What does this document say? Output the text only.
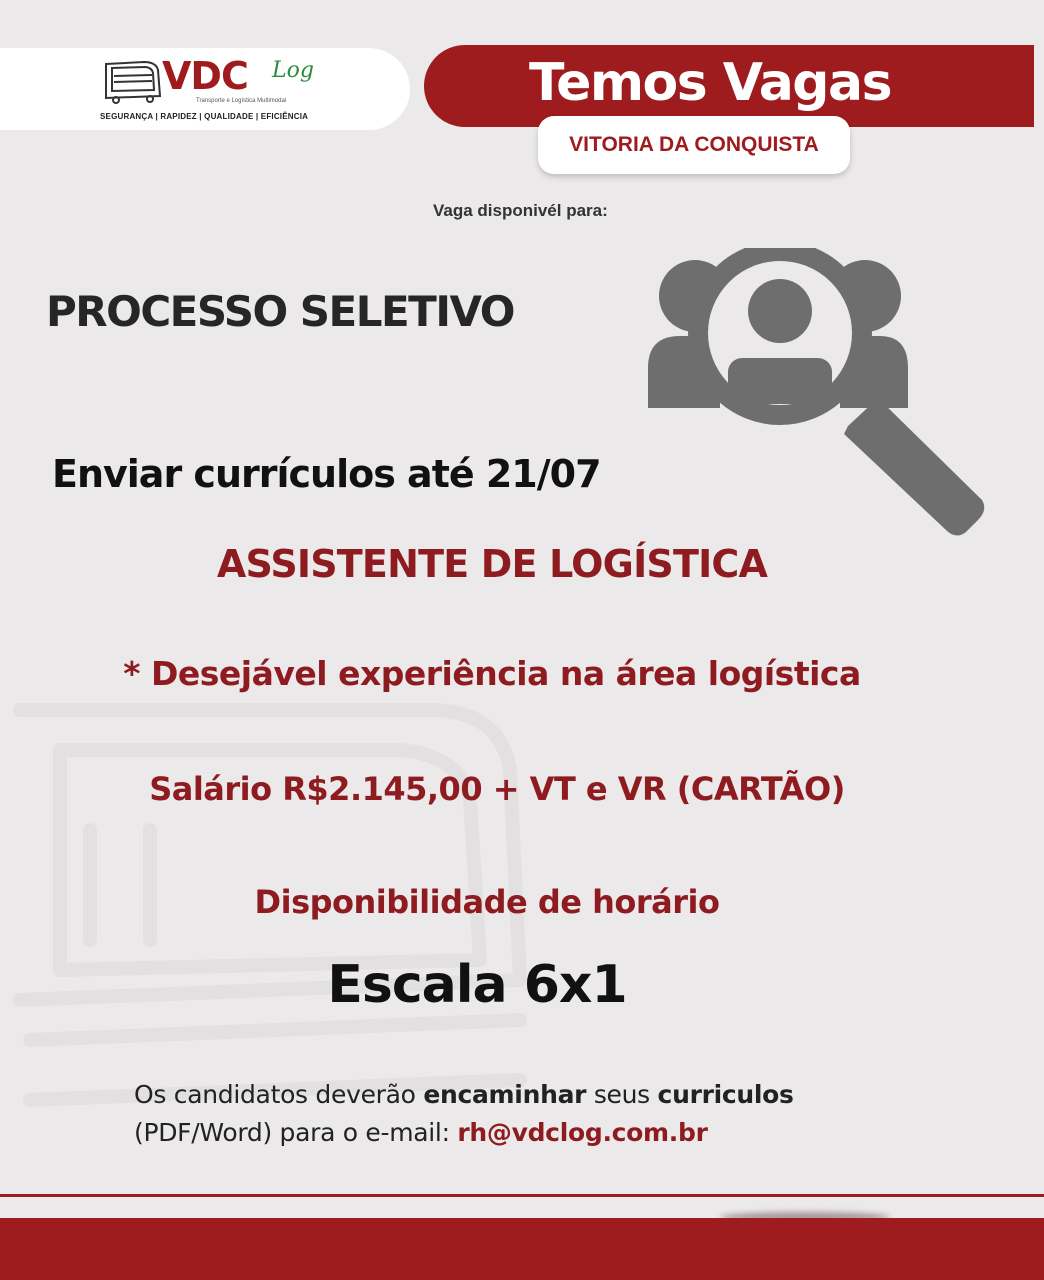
VDC Log
Transporte e Logística Multimodal
SEGURANÇA | RAPIDEZ | QUALIDADE | EFICIÊNCIA
Temos Vagas
VITORIA DA CONQUISTA
Vaga disponivél para:
PROCESSO SELETIVO
Enviar currículos até 21/07
ASSISTENTE DE LOGÍSTICA
* Desejável experiência na área logística
Salário R$2.145,00 + VT e VR (CARTÃO)
Disponibilidade de horário
Escala 6x1
Os candidatos deverão encaminhar seus curriculos
(PDF/Word) para o e-mail: rh@vdclog.com.br
